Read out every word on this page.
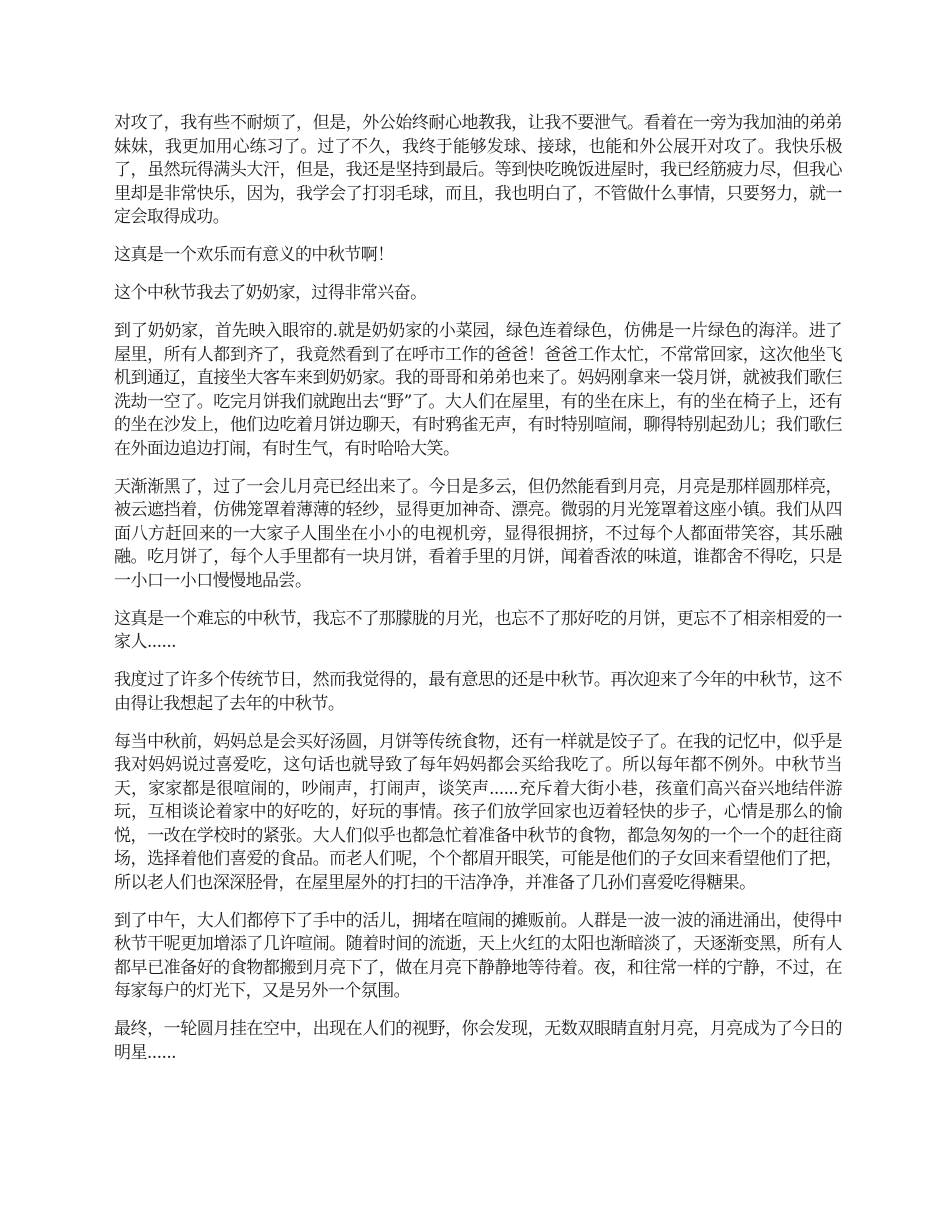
对攻了，我有些不耐烦了，但是，外公始终耐心地教我，让我不要泄气。看着在一旁为我加油的弟弟妹妹，我更加用心练习了。过了不久，我终于能够发球、接球，也能和外公展开对攻了。我快乐极了，虽然玩得满头大汗，但是，我还是坚持到最后。等到快吃晚饭进屋时，我已经筋疲力尽，但我心里却是非常快乐，因为，我学会了打羽毛球，而且，我也明白了，不管做什么事情，只要努力，就一定会取得成功。

这真是一个欢乐而有意义的中秋节啊！

这个中秋节我去了奶奶家，过得非常兴奋。

到了奶奶家，首先映入眼帘的.就是奶奶家的小菜园，绿色连着绿色，仿佛是一片绿色的海洋。进了屋里，所有人都到齐了，我竟然看到了在呼市工作的爸爸！爸爸工作太忙，不常常回家，这次他坐飞机到通辽，直接坐大客车来到奶奶家。我的哥哥和弟弟也来了。妈妈刚拿来一袋月饼，就被我们歌仨洗劫一空了。吃完月饼我们就跑出去“野”了。大人们在屋里，有的坐在床上，有的坐在椅子上，还有的坐在沙发上，他们边吃着月饼边聊天，有时鸦雀无声，有时特别喧闹，聊得特别起劲儿；我们歌仨在外面边追边打闹，有时生气，有时哈哈大笑。

天渐渐黑了，过了一会儿月亮已经出来了。今日是多云，但仍然能看到月亮，月亮是那样圆那样亮，被云遮挡着，仿佛笼罩着薄薄的轻纱，显得更加神奇、漂亮。微弱的月光笼罩着这座小镇。我们从四面八方赶回来的一大家子人围坐在小小的电视机旁，显得很拥挤，不过每个人都面带笑容，其乐融融。吃月饼了，每个人手里都有一块月饼，看着手里的月饼，闻着香浓的味道，谁都舍不得吃，只是一小口一小口慢慢地品尝。

这真是一个难忘的中秋节，我忘不了那朦胧的月光，也忘不了那好吃的月饼，更忘不了相亲相爱的一家人......

我度过了许多个传统节日，然而我觉得的，最有意思的还是中秋节。再次迎来了今年的中秋节，这不由得让我想起了去年的中秋节。

每当中秋前，妈妈总是会买好汤圆，月饼等传统食物，还有一样就是饺子了。在我的记忆中，似乎是我对妈妈说过喜爱吃，这句话也就导致了每年妈妈都会买给我吃了。所以每年都不例外。中秋节当天，家家都是很喧闹的，吵闹声，打闹声，谈笑声......充斥着大街小巷，孩童们高兴奋兴地结伴游玩，互相谈论着家中的好吃的，好玩的事情。孩子们放学回家也迈着轻快的步子，心情是那么的愉悦，一改在学校时的紧张。大人们似乎也都急忙着准备中秋节的食物，都急匆匆的一个一个的赶往商场，选择着他们喜爱的食品。而老人们呢，个个都眉开眼笑，可能是他们的子女回来看望他们了把，所以老人们也深深胫骨，在屋里屋外的打扫的干洁净净，并准备了几孙们喜爱吃得糖果。

到了中午，大人们都停下了手中的活儿，拥堵在喧闹的摊贩前。人群是一波一波的涌进涌出，使得中秋节干呢更加增添了几许喧闹。随着时间的流逝，天上火红的太阳也渐暗淡了，天逐渐变黑，所有人都早已准备好的食物都搬到月亮下了，做在月亮下静静地等待着。夜，和往常一样的宁静，不过，在每家每户的灯光下，又是另外一个氛围。

最终，一轮圆月挂在空中，出现在人们的视野，你会发现，无数双眼睛直射月亮，月亮成为了今日的明星......
